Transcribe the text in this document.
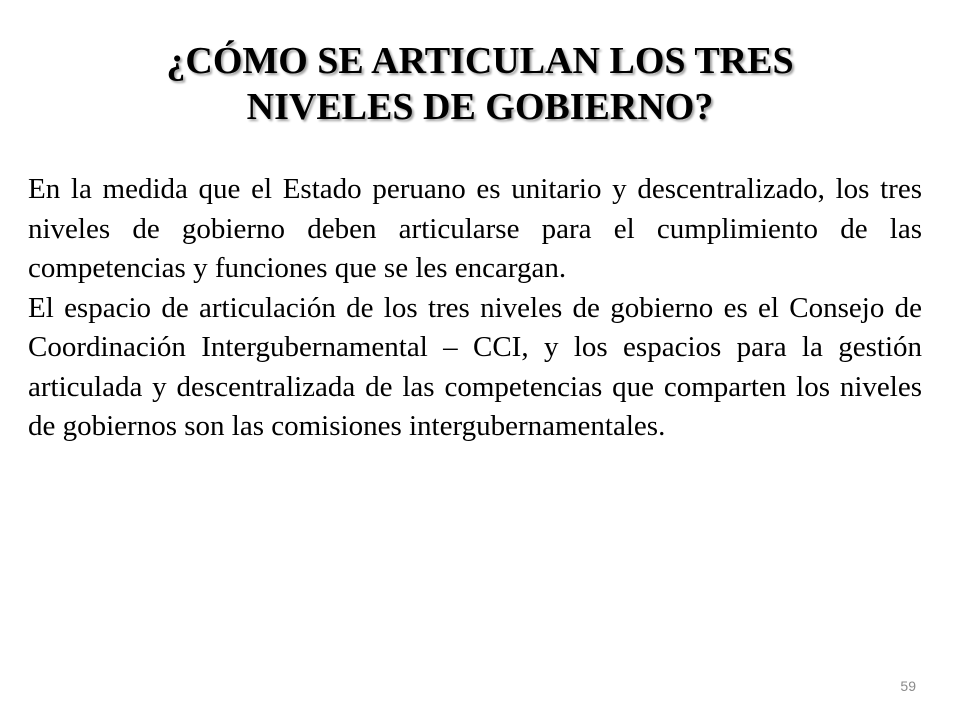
¿CÓMO SE ARTICULAN LOS TRES
NIVELES DE GOBIERNO?

En la medida que el Estado peruano es unitario y descentralizado, los tres niveles de gobierno deben articularse para el cumplimiento de las competencias y funciones que se les encargan.

El espacio de articulación de los tres niveles de gobierno es el Consejo de Coordinación Intergubernamental – CCI, y los espacios para la gestión articulada y descentralizada de las competencias que comparten los niveles de gobiernos son las comisiones intergubernamentales.

59
